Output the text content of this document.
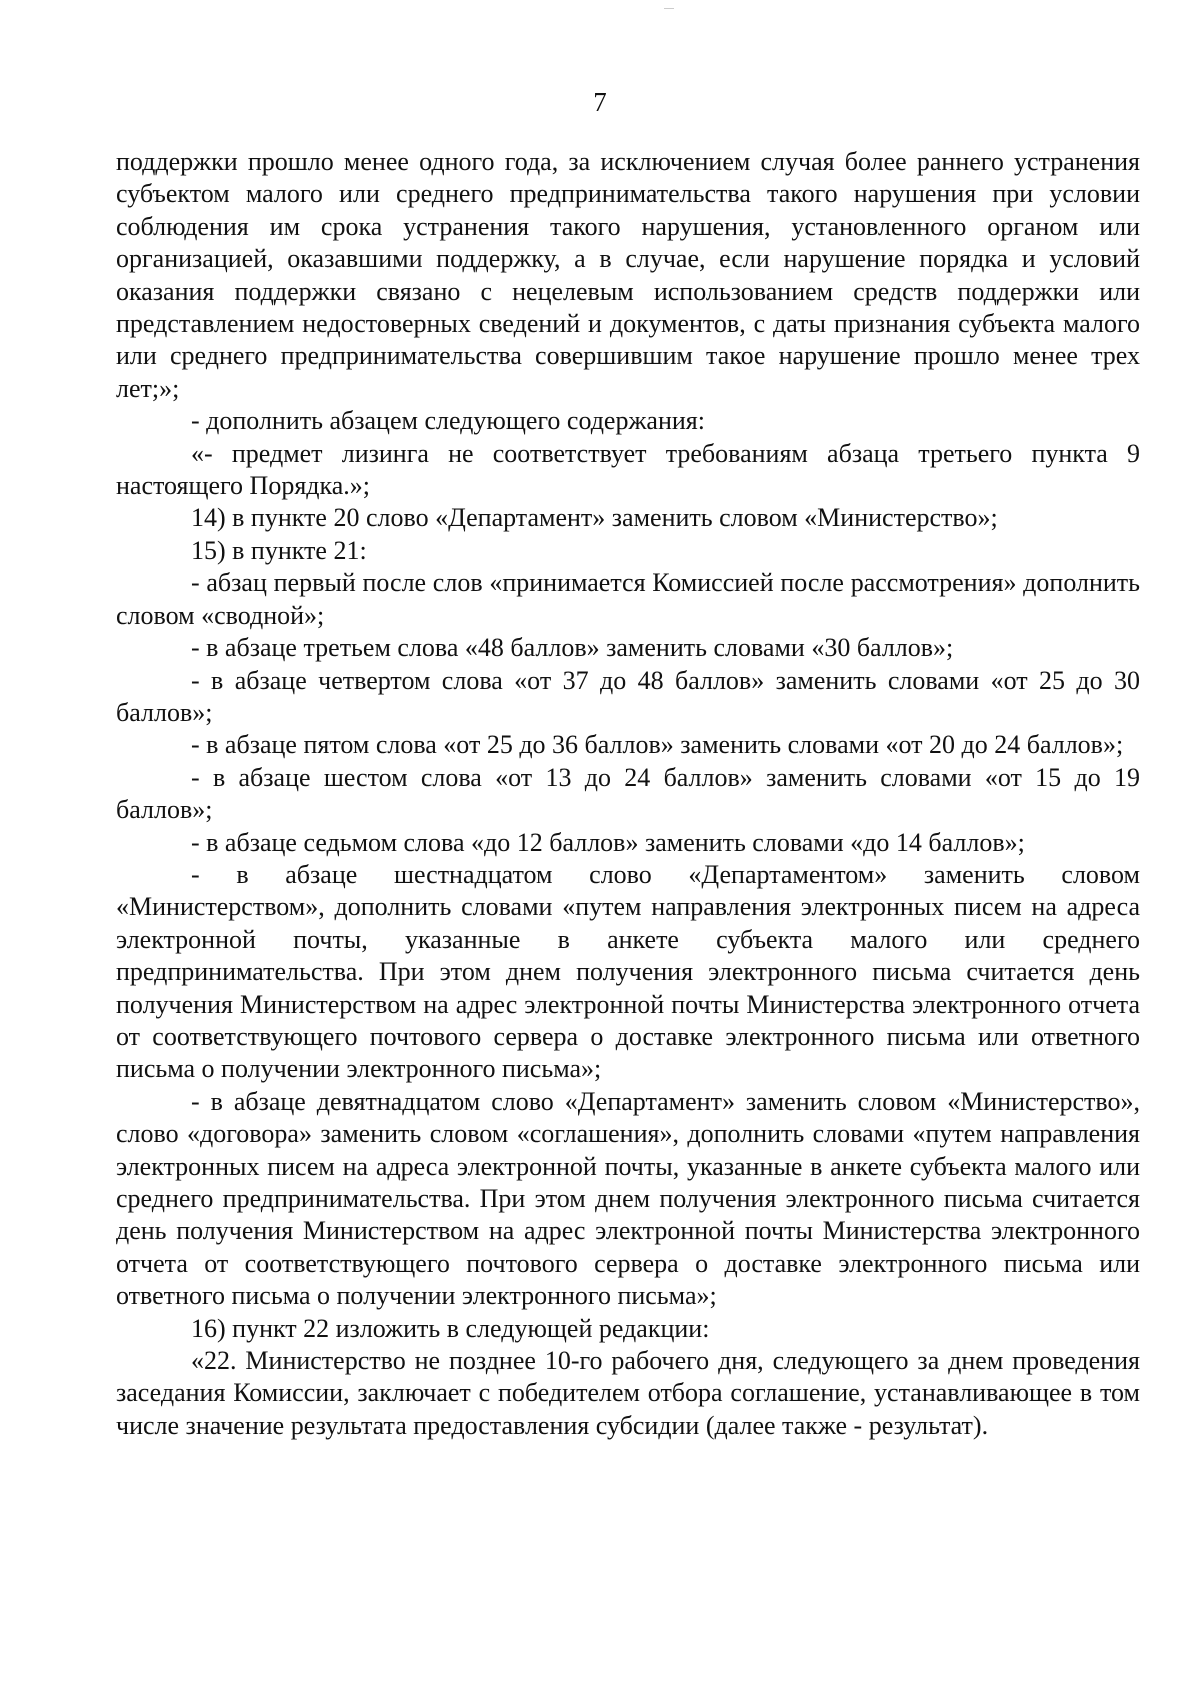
7

поддержки прошло менее одного года, за исключением случая более раннего устранения субъектом малого или среднего предпринимательства такого нарушения при условии соблюдения им срока устранения такого нарушения, установленного органом или организацией, оказавшими поддержку, а в случае, если нарушение порядка и условий оказания поддержки связано с нецелевым использованием средств поддержки или представлением недостоверных сведений и документов, с даты признания субъекта малого или среднего предпринимательства совершившим такое нарушение прошло менее трех лет;»;

- дополнить абзацем следующего содержания:

«- предмет лизинга не соответствует требованиям абзаца третьего пункта 9 настоящего Порядка.»;

14) в пункте 20 слово «Департамент» заменить словом «Министерство»;

15) в пункте 21:

- абзац первый после слов «принимается Комиссией после рассмотрения» дополнить словом «сводной»;

- в абзаце третьем слова «48 баллов» заменить словами «30 баллов»;

- в абзаце четвертом слова «от 37 до 48 баллов» заменить словами «от 25 до 30 баллов»;

- в абзаце пятом слова «от 25 до 36 баллов» заменить словами «от 20 до 24 баллов»;

- в абзаце шестом слова «от 13 до 24 баллов» заменить словами «от 15 до 19 баллов»;

- в абзаце седьмом слова «до 12 баллов» заменить словами «до 14 баллов»;

- в абзаце шестнадцатом слово «Департаментом» заменить словом «Министерством», дополнить словами «путем направления электронных писем на адреса электронной почты, указанные в анкете субъекта малого или среднего предпринимательства. При этом днем получения электронного письма считается день получения Министерством на адрес электронной почты Министерства электронного отчета от соответствующего почтового сервера о доставке электронного письма или ответного письма о получении электронного письма»;

- в абзаце девятнадцатом слово «Департамент» заменить словом «Министерство», слово «договора» заменить словом «соглашения», дополнить словами «путем направления электронных писем на адреса электронной почты, указанные в анкете субъекта малого или среднего предпринимательства. При этом днем получения электронного письма считается день получения Министерством на адрес электронной почты Министерства электронного отчета от соответствующего почтового сервера о доставке электронного письма или ответного письма о получении электронного письма»;

16) пункт 22 изложить в следующей редакции:

«22. Министерство не позднее 10-го рабочего дня, следующего за днем проведения заседания Комиссии, заключает с победителем отбора соглашение, устанавливающее в том числе значение результата предоставления субсидии (далее также - результат).
